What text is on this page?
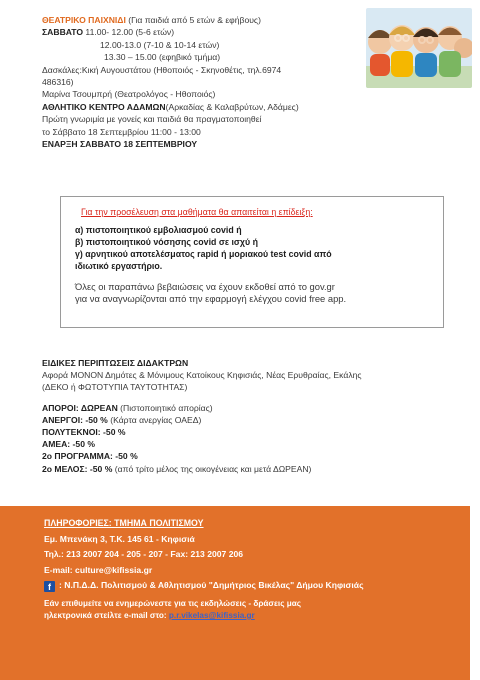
ΘΕΑΤΡΙΚΟ ΠΑΙΧΝΙΔΙ (Για παιδιά από 5 ετών & εφήβους)
ΣΑΒΒΑΤΟ 11.00- 12.00 (5-6 ετών)
12.00-13.0 (7-10 & 10-14 ετών)
13.30 – 15.00 (εφηβικό τμήμα)
Δασκάλες:Κική Αυγουστάτου (Ηθοποιός - Σκηνοθέτις, τηλ.6974
486316)
Μαρίνα Τσουμπρή (Θεατρολόγος - Ηθοποιός)
ΑΘΛΗΤΙΚΟ ΚΕΝΤΡΟ ΑΔΑΜΩΝ(Αρκαδίας & Καλαβρύτων, Αδάμες)
Πρώτη γνωριμία με γονείς και παιδιά θα πραγματοποιηθεί
το Σάββατο 18 Σεπτεμβρίου 11:00 - 13:00
ΕΝΑΡΞΗ ΣΑΒΒΑΤΟ 18 ΣΕΠΤΕΜΒΡΙΟΥ
Για την προσέλευση στα μαθήματα θα απαιτείται η επίδειξη:
α) πιστοποιητικού εμβολιασμού covid ή
β) πιστοποιητικού νόσησης covid σε ισχύ ή
γ) αρνητικού αποτελέσματος rapid ή μοριακού test covid από
ιδιωτικό εργαστήριο.
Όλες οι παραπάνω βεβαιώσεις να έχουν εκδοθεί από το gov.gr
για να αναγνωρίζονται από την εφαρμογή ελέγχου covid free app.
ΕΙΔΙΚΕΣ ΠΕΡΙΠΤΩΣΕΙΣ ΔΙΔΑΚΤΡΩΝ
Αφορά ΜΟΝΟΝ Δημότες & Μόνιμους Κατοίκους Κηφισιάς, Νέας Ερυθραίας, Εκάλης
(ΔΕΚΟ ή ΦΩΤΟΤΥΠΙΑ ΤΑΥΤΟΤΗΤΑΣ)
ΑΠΟΡΟΙ: ΔΩΡΕΑΝ (Πιστοποιητικό απορίας)
ΑΝΕΡΓΟΙ: -50 % (Κάρτα ανεργίας ΟΑΕΔ)
ΠΟΛΥΤΕΚΝΟΙ: -50 %
ΑΜΕΑ: -50 %
2ο ΠΡΟΓΡΑΜΜΑ: -50 %
2ο ΜΕΛΟΣ: -50 % (από τρίτο μέλος της οικογένειας και μετά ΔΩΡΕΑΝ)
ΠΛΗΡΟΦΟΡΙΕΣ: ΤΜΗΜΑ ΠΟΛΙΤΙΣΜΟΥ
Εμ. Μπενάκη 3, Τ.Κ. 145 61 - Κηφισιά
Τηλ.: 213 2007 204 - 205 - 207 - Fax: 213 2007 206
E-mail: culture@kifissia.gr
f : Ν.Π.Δ.Δ. Πολιτισμού & Αθλητισμού "Δημήτριος Βικέλας" Δήμου Κηφισιάς
Εάν επιθυμείτε να ενημερώνεστε για τις εκδηλώσεις - δράσεις μας
ηλεκτρονικά στείλτε e-mail στο: p.r.vikelas@kifissia.gr
